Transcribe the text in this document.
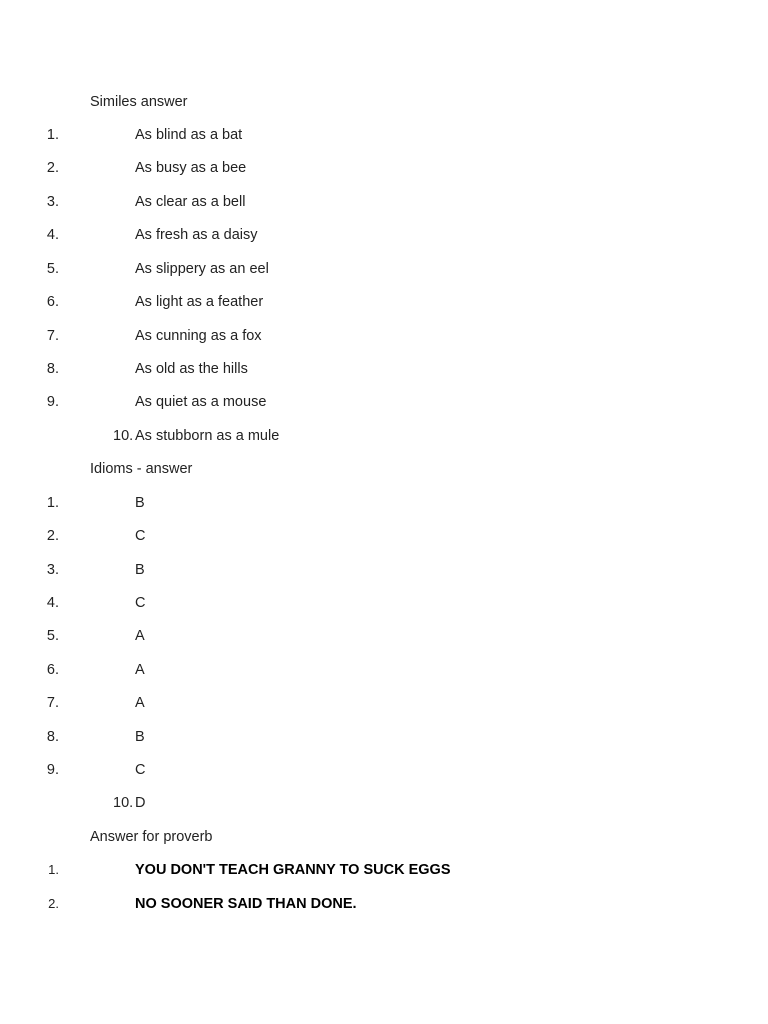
Similes answer
1.	As blind as a bat
2.	As busy as a bee
3.	As clear as a bell
4.	As fresh as a daisy
5.	As slippery as an eel
6.	As light as a feather
7.	As cunning as a fox
8.	As old as the hills
9.	As quiet as a mouse
10. As stubborn as a mule
Idioms - answer
1.	B
2.	C
3.	B
4.	C
5.	A
6.	A
7.	A
8.	B
9.	C
10. D
Answer for proverb
1.	YOU DON'T TEACH GRANNY TO SUCK EGGS
2.	NO SOONER SAID THAN DONE.
